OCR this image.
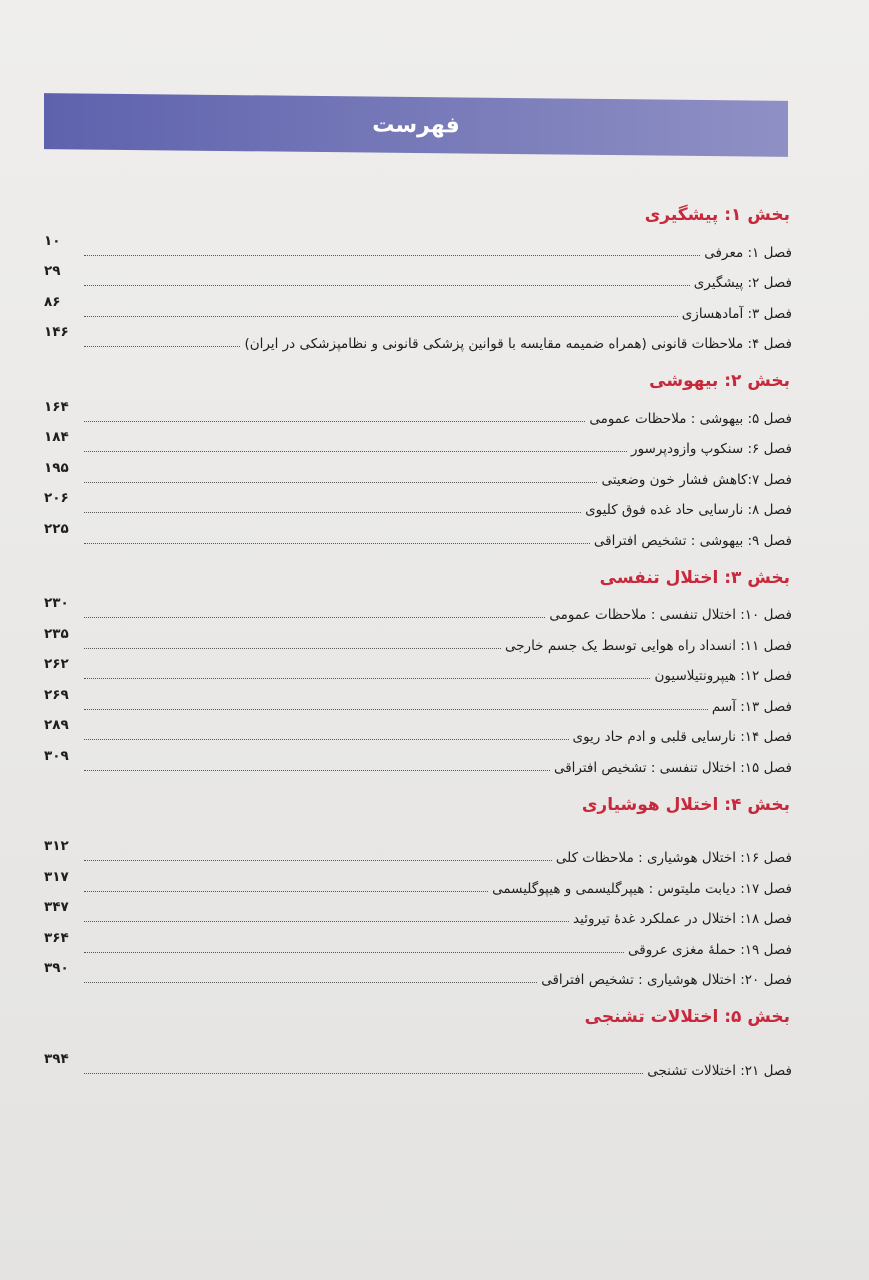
فهرست
بخش ۱: پیشگیری
فصل ۱: معرفی
۱۰
فصل ۲: پیشگیری
۲۹
فصل ۳: آمادهسازی
۸۶
فصل ۴: ملاحظات قانونی (همراه ضمیمه مقایسه با قوانین پزشکی قانونی و نظامپزشکی در ایران)
۱۴۶
بخش ۲: بیهوشی
فصل ۵: بیهوشی : ملاحظات عمومی
۱۶۴
فصل ۶: سنکوپ وازودپرسور
۱۸۴
فصل ۷:کاهش فشار خون وضعیتی
۱۹۵
فصل ۸: نارسایی حاد غده فوق کلیوی
۲۰۶
فصل ۹: بیهوشی : تشخیص افتراقی
۲۲۵
بخش ۳: اختلال تنفسی
فصل ۱۰: اختلال تنفسی : ملاحظات عمومی
۲۳۰
فصل ۱۱: انسداد راه هوایی توسط یک جسم خارجی
۲۳۵
فصل ۱۲: هیپرونتیلاسیون
۲۶۲
فصل ۱۳: آسم
۲۶۹
فصل ۱۴: نارسایی قلبی و ادم حاد ریوی
۲۸۹
فصل ۱۵: اختلال تنفسی : تشخیص افتراقی
۳۰۹
بخش ۴: اختلال هوشیاری
فصل ۱۶: اختلال هوشیاری : ملاحظات کلی
۳۱۲
فصل ۱۷: دیابت ملیتوس : هیپرگلیسمی و هیپوگلیسمی
۳۱۷
فصل ۱۸: اختلال در عملکرد غدهٔ تیروئید
۳۴۷
فصل ۱۹: حملهٔ مغزی عروقی
۳۶۴
فصل ۲۰: اختلال هوشیاری : تشخیص افتراقی
۳۹۰
بخش ۵: اختلالات تشنجی
فصل ۲۱: اختلالات تشنجی
۳۹۴
